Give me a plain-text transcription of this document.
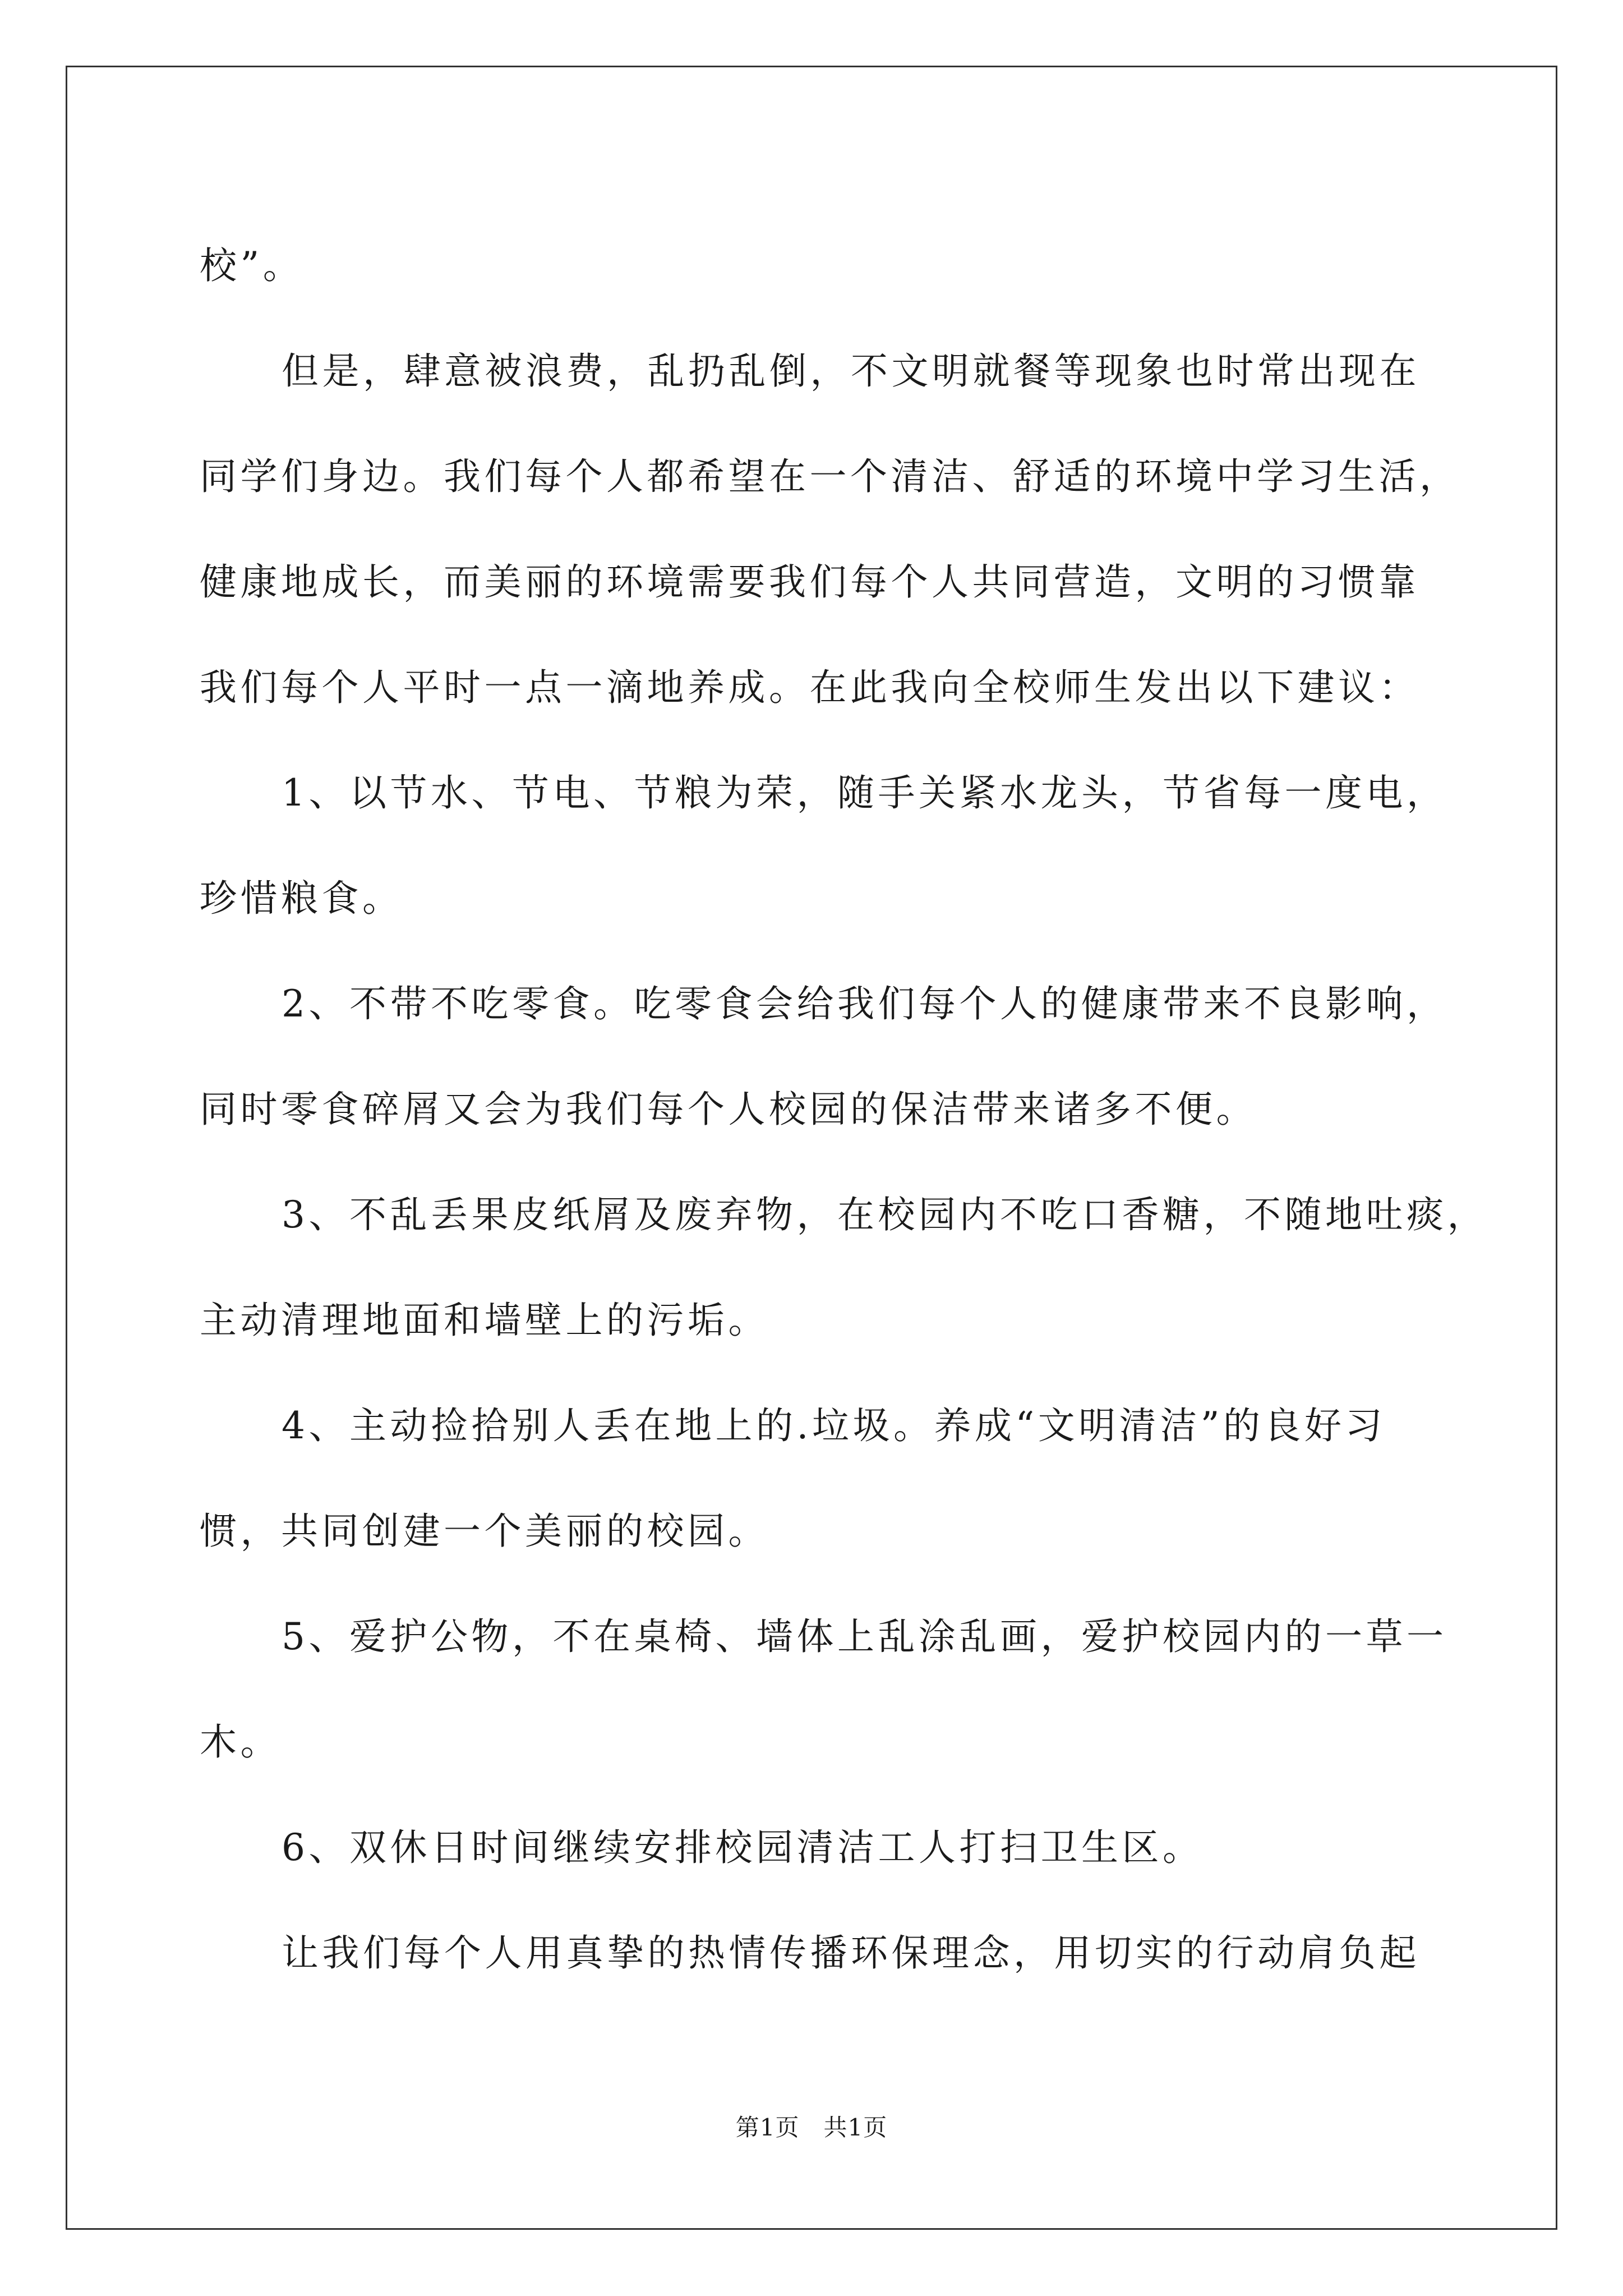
校”。

但是，肆意被浪费，乱扔乱倒，不文明就餐等现象也时常出现在

同学们身边。我们每个人都希望在一个清洁、舒适的环境中学习生活，

健康地成长，而美丽的环境需要我们每个人共同营造，文明的习惯靠

我们每个人平时一点一滴地养成。在此我向全校师生发出以下建议：

1、以节水、节电、节粮为荣，随手关紧水龙头，节省每一度电，

珍惜粮食。

2、不带不吃零食。吃零食会给我们每个人的健康带来不良影响，

同时零食碎屑又会为我们每个人校园的保洁带来诸多不便。

3、不乱丢果皮纸屑及废弃物，在校园内不吃口香糖，不随地吐痰，

主动清理地面和墙壁上的污垢。

4、主动捡拾别人丢在地上的.垃圾。养成“文明清洁”的良好习

惯，共同创建一个美丽的校园。

5、爱护公物，不在桌椅、墙体上乱涂乱画，爱护校园内的一草一

木。

6、双休日时间继续安排校园清洁工人打扫卫生区。

让我们每个人用真挚的热情传播环保理念，用切实的行动肩负起

第1页   共1页
